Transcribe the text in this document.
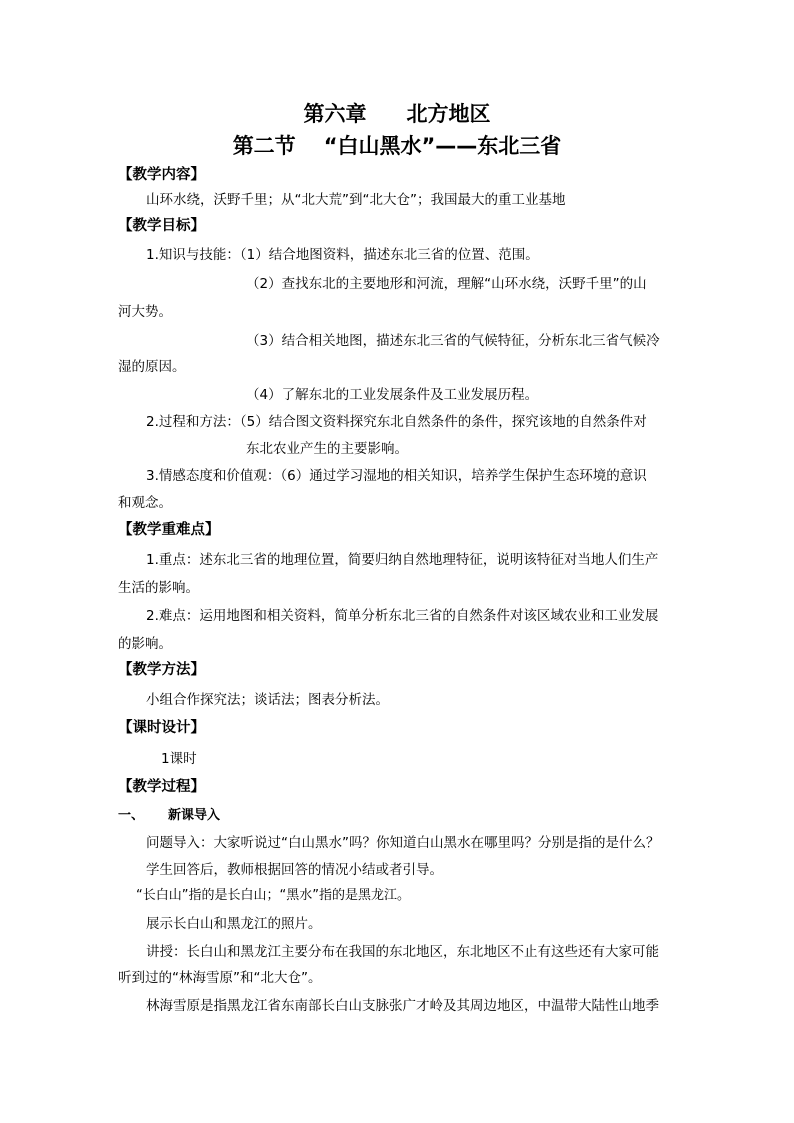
第六章 北方地区
第二节 “白山黑水”——东北三省
【教学内容】
山环水绕，沃野千里；从“北大荒”到“北大仓”；我国最大的重工业基地
【教学目标】
1.知识与技能：（1）结合地图资料，描述东北三省的位置、范围。
（2）查找东北的主要地形和河流，理解“山环水绕，沃野千里”的山
河大势。
（3）结合相关地图，描述东北三省的气候特征，分析东北三省气候冷
湿的原因。
（4）了解东北的工业发展条件及工业发展历程。
2.过程和方法：（5）结合图文资料探究东北自然条件的条件，探究该地的自然条件对
东北农业产生的主要影响。
3.情感态度和价值观：（6）通过学习湿地的相关知识，培养学生保护生态环境的意识
和观念。
【教学重难点】
1.重点：述东北三省的地理位置，简要归纳自然地理特征，说明该特征对当地人们生产
生活的影响。
2.难点：运用地图和相关资料，简单分析东北三省的自然条件对该区域农业和工业发展
的影响。
【教学方法】
小组合作探究法；谈话法；图表分析法。
【课时设计】
1课时
【教学过程】
一、 新课导入
问题导入：大家听说过“白山黑水”吗？你知道白山黑水在哪里吗？分别是指的是什么？
学生回答后，教师根据回答的情况小结或者引导。
“长白山”指的是长白山；“黑水”指的是黑龙江。
展示长白山和黑龙江的照片。
讲授：长白山和黑龙江主要分布在我国的东北地区，东北地区不止有这些还有大家可能
听到过的“林海雪原”和“北大仓”。
林海雪原是指黑龙江省东南部长白山支脉张广才岭及其周边地区，中温带大陆性山地季
